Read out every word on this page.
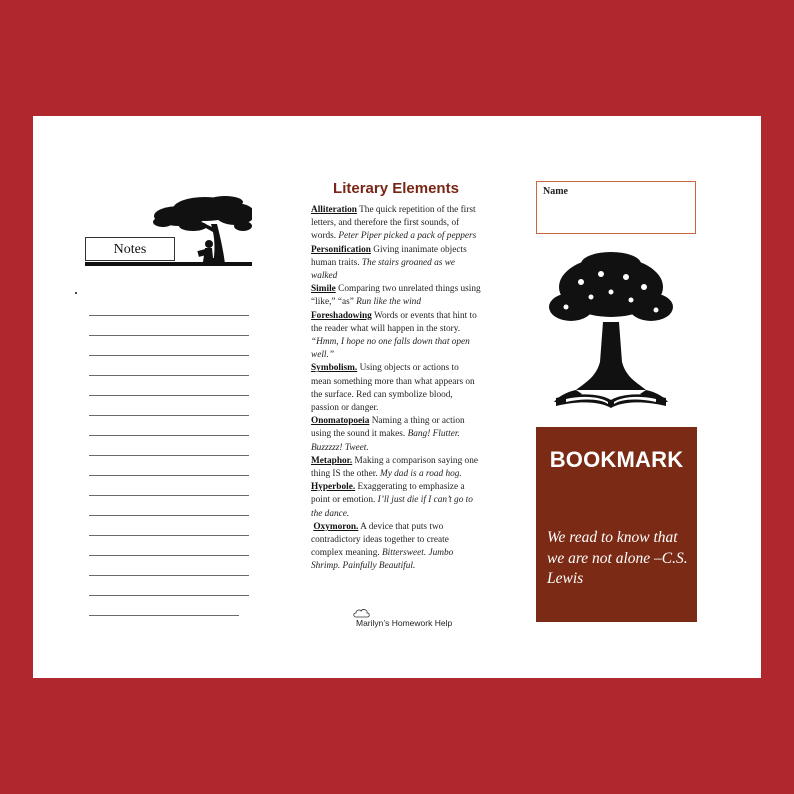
Notes
Literary Elements

Alliteration The quick repetition of the first letters, and therefore the first sounds, of words. Peter Piper picked a pack of peppers

Personification Giving inanimate objects human traits. The stairs groaned as we walked

Simile Comparing two unrelated things using “like,” “as” Run like the wind

Foreshadowing Words or events that hint to the reader what will happen in the story. “Hmm, I hope no one falls down that open well.”

Symbolism. Using objects or actions to mean something more than what appears on the surface. Red can symbolize blood, passion or danger.

Onomatopoeia Naming a thing or action using the sound it makes. Bang! Flutter. Buzzzzz! Tweet.

Metaphor. Making a comparison saying one thing IS the other. My dad is a road hog.

Hyperbole. Exaggerating to emphasize a point or emotion. I’ll just die if I can’t go to the dance.

Oxymoron. A device that puts two contradictory ideas together to create complex meaning. Bittersweet. Jumbo Shrimp. Painfully Beautiful.

Marilyn’s Homework Help
Name
BOOKMARK
We read to know that we are not alone –C.S. Lewis
